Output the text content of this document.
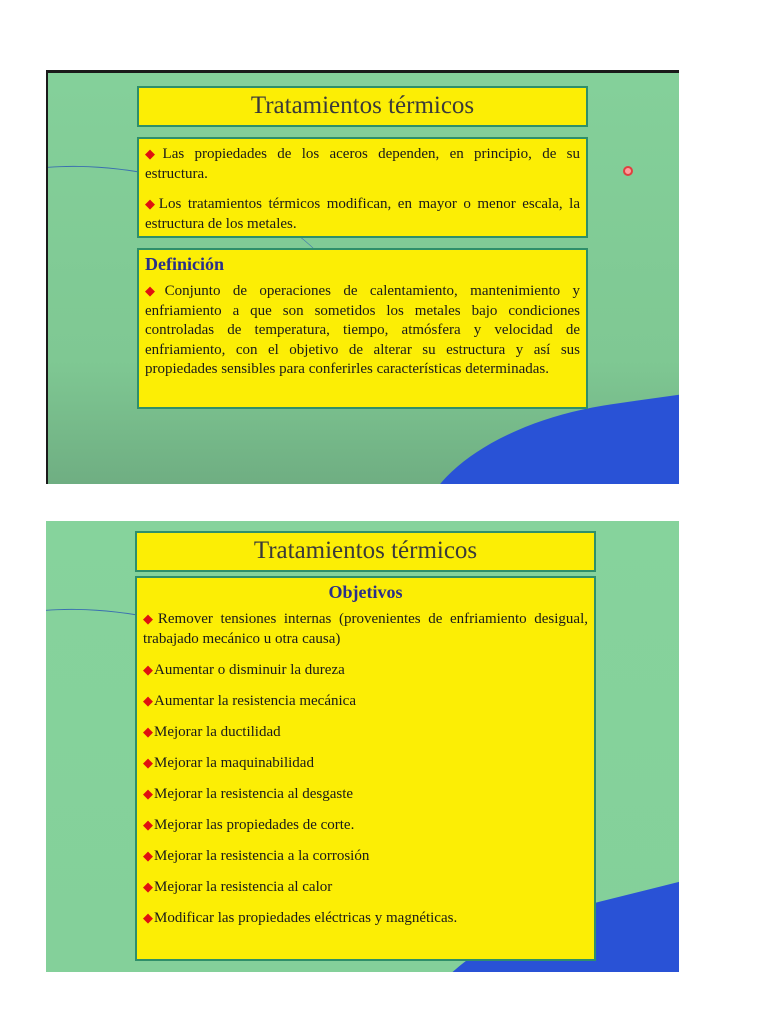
Tratamientos térmicos

◆Las propiedades de los aceros dependen, en principio, de su estructura.

◆Los tratamientos térmicos modifican, en mayor o menor escala, la estructura de los metales.

Definición

◆Conjunto de operaciones de calentamiento, mantenimiento y enfriamiento a que son sometidos los metales bajo condiciones controladas de temperatura, tiempo, atmósfera y velocidad de enfriamiento, con el objetivo de alterar su estructura y así sus propiedades sensibles para conferirles características determinadas.

Tratamientos térmicos
Objetivos

◆Remover tensiones internas (provenientes de enfriamiento desigual, trabajado mecánico u otra causa)

◆Aumentar o disminuir la dureza

◆Aumentar la resistencia mecánica

◆Mejorar la ductilidad

◆Mejorar la maquinabilidad

◆Mejorar la resistencia al desgaste

◆Mejorar las propiedades de corte.

◆Mejorar la resistencia a la corrosión

◆Mejorar la resistencia al calor

◆Modificar las propiedades eléctricas y magnéticas.
